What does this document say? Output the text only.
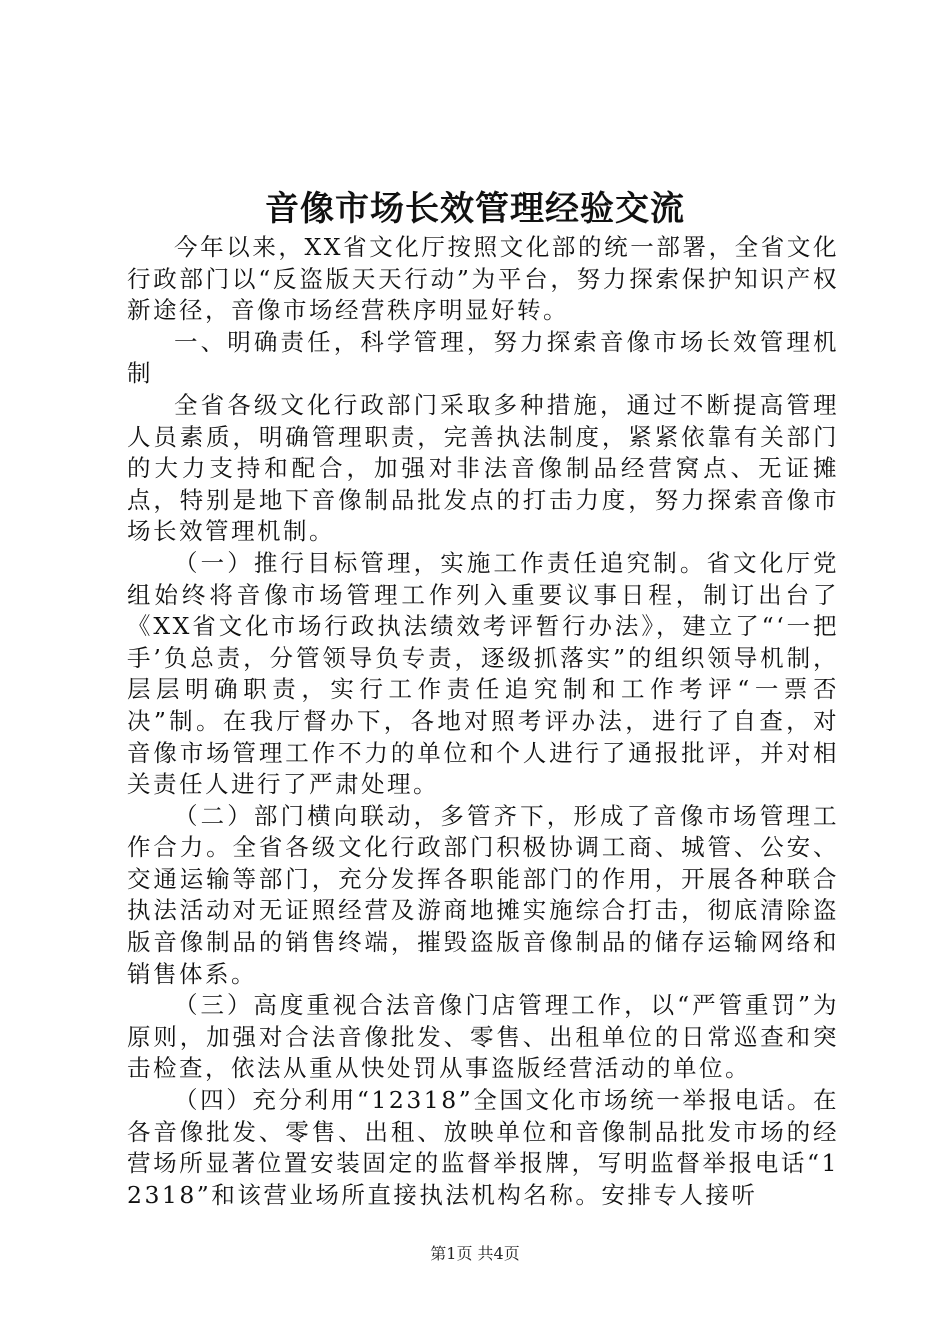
音像市场长效管理经验交流

今年以来，XX省文化厅按照文化部的统一部署，全省文化行政部门以“反盗版天天行动”为平台，努力探索保护知识产权新途径，音像市场经营秩序明显好转。

一、明确责任，科学管理，努力探索音像市场长效管理机制

全省各级文化行政部门采取多种措施，通过不断提高管理人员素质，明确管理职责，完善执法制度，紧紧依靠有关部门的大力支持和配合，加强对非法音像制品经营窝点、无证摊点，特别是地下音像制品批发点的打击力度，努力探索音像市场长效管理机制。

（一）推行目标管理，实施工作责任追究制。省文化厅党组始终将音像市场管理工作列入重要议事日程，制订出台了《XX省文化市场行政执法绩效考评暂行办法》，建立了“‘一把手’负总责，分管领导负专责，逐级抓落实”的组织领导机制，层层明确职责，实行工作责任追究制和工作考评“一票否决”制。在我厅督办下，各地对照考评办法，进行了自查，对音像市场管理工作不力的单位和个人进行了通报批评，并对相关责任人进行了严肃处理。

（二）部门横向联动，多管齐下，形成了音像市场管理工作合力。全省各级文化行政部门积极协调工商、城管、公安、交通运输等部门，充分发挥各职能部门的作用，开展各种联合执法活动对无证照经营及游商地摊实施综合打击，彻底清除盗版音像制品的销售终端，摧毁盗版音像制品的储存运输网络和销售体系。

（三）高度重视合法音像门店管理工作，以“严管重罚”为原则，加强对合法音像批发、零售、出租单位的日常巡查和突击检查，依法从重从快处罚从事盗版经营活动的单位。

（四）充分利用“12318”全国文化市场统一举报电话。在各音像批发、零售、出租、放映单位和音像制品批发市场的经营场所显著位置安装固定的监督举报牌，写明监督举报电话“12318”和该营业场所直接执法机构名称。安排专人接听

第1页 共4页
